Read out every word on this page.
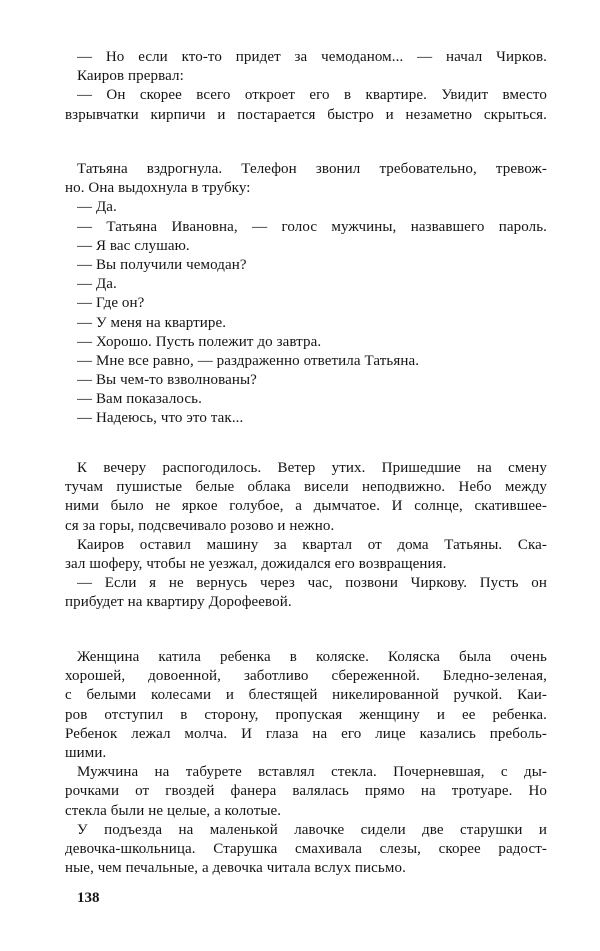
— Но если кто-то придет за чемоданом... — начал Чирков.
Каиров прервал:
— Он скорее всего откроет его в квартире. Увидит вместо
взрывчатки кирпичи и постарается быстро и незаметно скрыться.
Татьяна вздрогнула. Телефон звонил требовательно, тревож-
но. Она выдохнула в трубку:
— Да.
— Татьяна Ивановна, — голос мужчины, назвавшего пароль.
— Я вас слушаю.
— Вы получили чемодан?
— Да.
— Где он?
— У меня на квартире.
— Хорошо. Пусть полежит до завтра.
— Мне все равно, — раздраженно ответила Татьяна.
— Вы чем-то взволнованы?
— Вам показалось.
— Надеюсь, что это так...
К вечеру распогодилось. Ветер утих. Пришедшие на смену
тучам пушистые белые облака висели неподвижно. Небо между
ними было не яркое голубое, а дымчатое. И солнце, скатившее-
ся за горы, подсвечивало розово и нежно.
Каиров оставил машину за квартал от дома Татьяны. Ска-
зал шоферу, чтобы не уезжал, дожидался его возвращения.
— Если я не вернусь через час, позвони Чиркову. Пусть он
прибудет на квартиру Дорофеевой.
Женщина катила ребенка в коляске. Коляска была очень
хорошей, довоенной, заботливо сбереженной. Бледно-зеленая,
с белыми колесами и блестящей никелированной ручкой. Каи-
ров отступил в сторону, пропуская женщину и ее ребенка.
Ребенок лежал молча. И глаза на его лице казались преболь-
шими.
Мужчина на табурете вставлял стекла. Почерневшая, с ды-
рочками от гвоздей фанера валялась прямо на тротуаре. Но
стекла были не целые, а колотые.
У подъезда на маленькой лавочке сидели две старушки и
девочка-школьница. Старушка смахивала слезы, скорее радост-
ные, чем печальные, а девочка читала вслух письмо.
138
